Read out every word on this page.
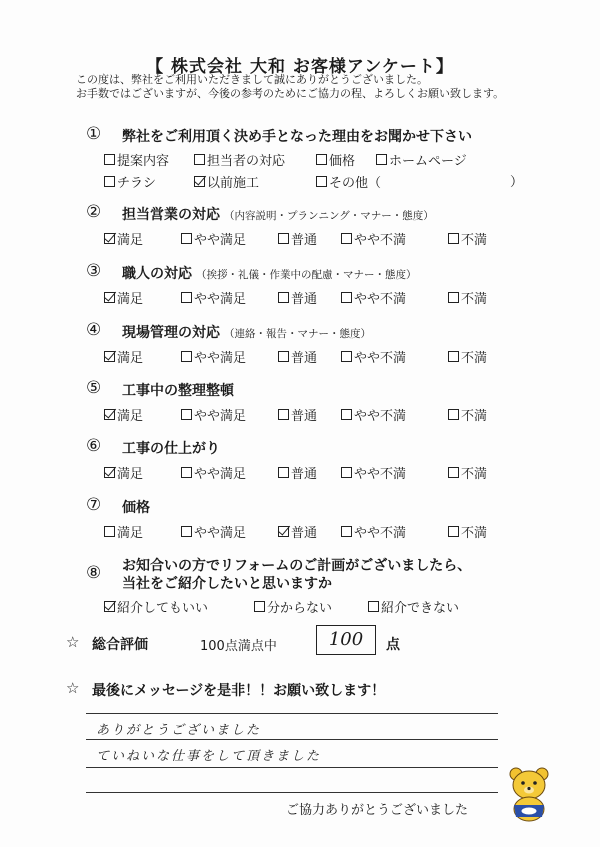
【 株式会社 大和 お客様アンケート】
この度は、弊社をご利用いただきまして誠にありがとうございました。
お手数ではございますが、今後の参考のためにご協力の程、よろしくお願い致します。
① 弊社をご利用頂く決め手となった理由をお聞かせ下さい
提案内容	担当者の対応	価格	ホームページ
チラシ	以前施工	その他（	）
② 担当営業の対応 （内容説明・プランニング・マナー・態度）
満足	やや満足	普通	やや不満	不満
③ 職人の対応 （挨拶・礼儀・作業中の配慮・マナー・態度）
満足	やや満足	普通	やや不満	不満
④ 現場管理の対応 （連絡・報告・マナー・態度）
満足	やや満足	普通	やや不満	不満
⑤ 工事中の整理整頓
満足	やや満足	普通	やや不満	不満
⑥ 工事の仕上がり
満足	やや満足	普通	やや不満	不満
⑦ 価格
満足	やや満足	普通	やや不満	不満
⑧ お知合いの方でリフォームのご計画がございましたら、
当社をご紹介したいと思いますか
紹介してもいい	分からない	紹介できない
☆ 総合評価	100点満点中	100	点
☆ 最後にメッセージを是非！！お願い致します！
ありがとうございました
ていねいな仕事をして頂きました
ご協力ありがとうございました
